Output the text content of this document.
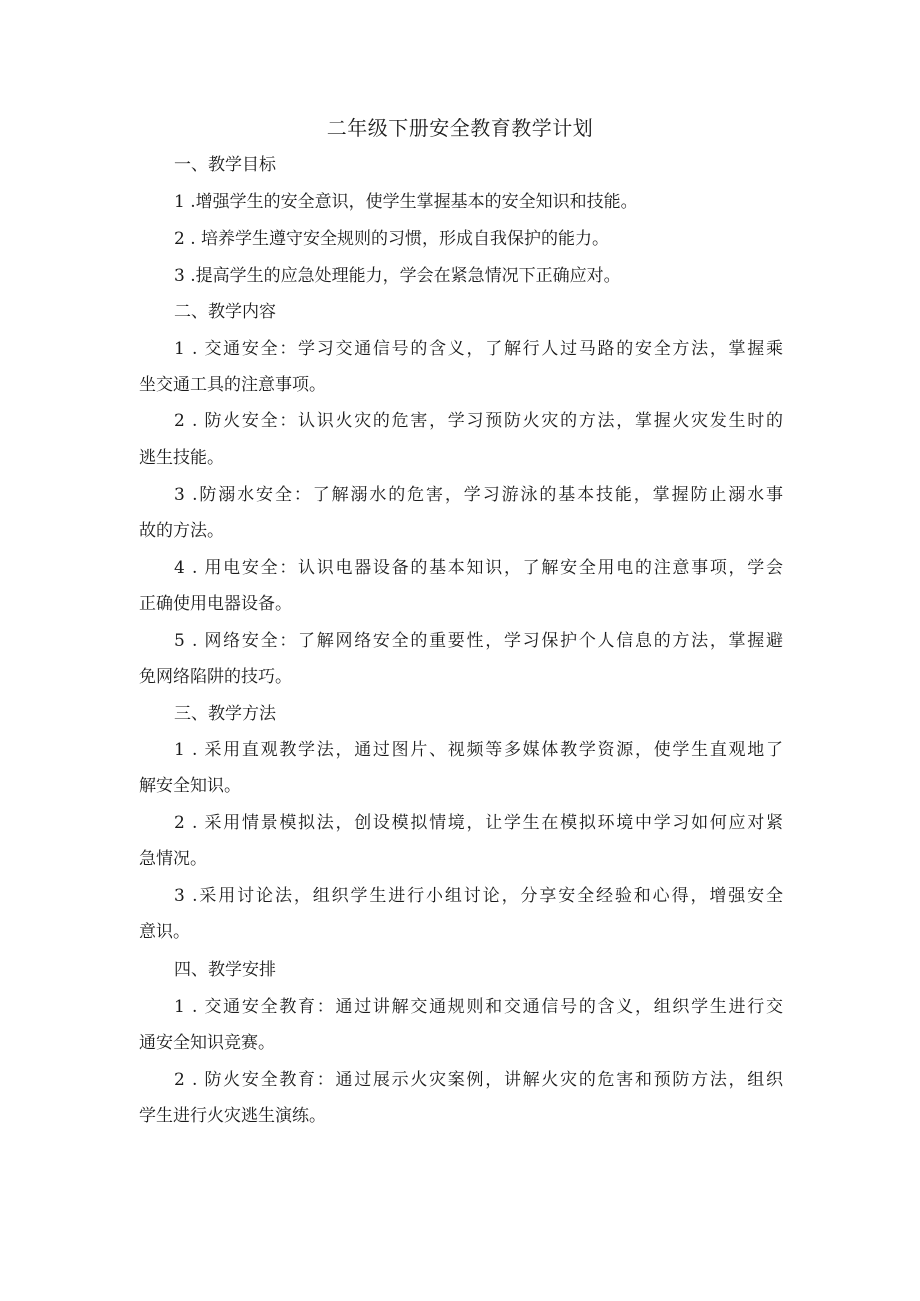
二年级下册安全教育教学计划
一、教学目标
1 .增强学生的安全意识，使学生掌握基本的安全知识和技能。
2 . 培养学生遵守安全规则的习惯，形成自我保护的能力。
3 .提高学生的应急处理能力，学会在紧急情况下正确应对。
二、教学内容
1 . 交通安全：学习交通信号的含义，了解行人过马路的安全方法，掌握乘
坐交通工具的注意事项。
2 . 防火安全：认识火灾的危害，学习预防火灾的方法，掌握火灾发生时的
逃生技能。
3 .防溺水安全：了解溺水的危害，学习游泳的基本技能，掌握防止溺水事
故的方法。
4 . 用电安全：认识电器设备的基本知识，了解安全用电的注意事项，学会
正确使用电器设备。
5 . 网络安全：了解网络安全的重要性，学习保护个人信息的方法，掌握避
免网络陷阱的技巧。
三、教学方法
1 . 采用直观教学法，通过图片、视频等多媒体教学资源，使学生直观地了
解安全知识。
2 . 采用情景模拟法，创设模拟情境，让学生在模拟环境中学习如何应对紧
急情况。
3 .采用讨论法，组织学生进行小组讨论，分享安全经验和心得，增强安全
意识。
四、教学安排
1 . 交通安全教育：通过讲解交通规则和交通信号的含义，组织学生进行交
通安全知识竞赛。
2 . 防火安全教育：通过展示火灾案例，讲解火灾的危害和预防方法，组织
学生进行火灾逃生演练。
